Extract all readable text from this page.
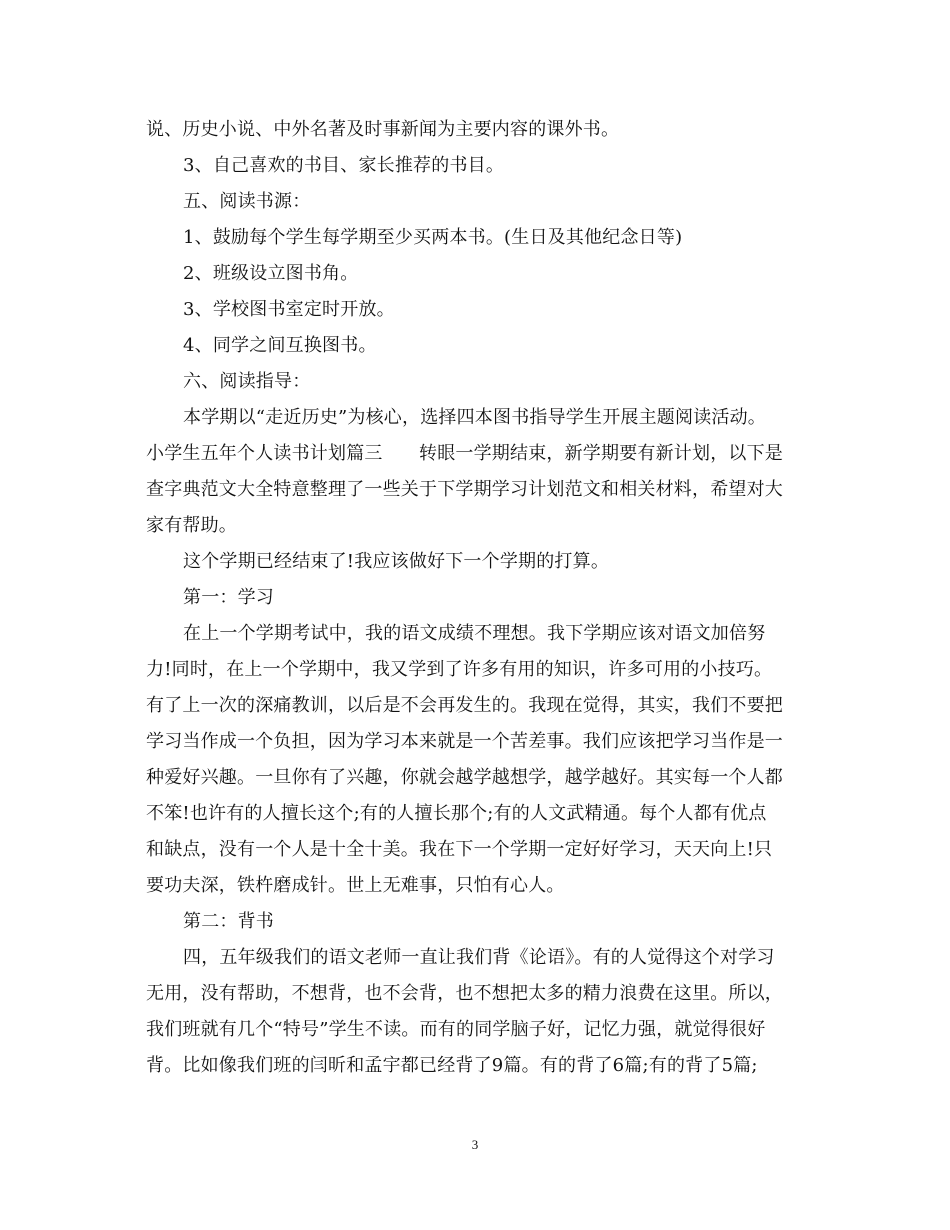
说、历史小说、中外名著及时事新闻为主要内容的课外书。

3、自己喜欢的书目、家长推荐的书目。

五、阅读书源：

1、鼓励每个学生每学期至少买两本书。(生日及其他纪念日等)

2、班级设立图书角。

3、学校图书室定时开放。

4、同学之间互换图书。

六、阅读指导：

本学期以“走近历史”为核心，选择四本图书指导学生开展主题阅读活动。

小学生五年个人读书计划篇三　　转眼一学期结束，新学期要有新计划，以下是

查字典范文大全特意整理了一些关于下学期学习计划范文和相关材料，希望对大

家有帮助。

这个学期已经结束了!我应该做好下一个学期的打算。

第一：学习

在上一个学期考试中，我的语文成绩不理想。我下学期应该对语文加倍努

力!同时，在上一个学期中，我又学到了许多有用的知识，许多可用的小技巧。

有了上一次的深痛教训，以后是不会再发生的。我现在觉得，其实，我们不要把

学习当作成一个负担，因为学习本来就是一个苦差事。我们应该把学习当作是一

种爱好兴趣。一旦你有了兴趣，你就会越学越想学，越学越好。其实每一个人都

不笨!也许有的人擅长这个;有的人擅长那个;有的人文武精通。每个人都有优点

和缺点，没有一个人是十全十美。我在下一个学期一定好好学习，天天向上!只

要功夫深，铁杵磨成针。世上无难事，只怕有心人。

第二：背书

四，五年级我们的语文老师一直让我们背《论语》。有的人觉得这个对学习

无用，没有帮助，不想背，也不会背，也不想把太多的精力浪费在这里。所以，

我们班就有几个“特号”学生不读。而有的同学脑子好，记忆力强，就觉得很好

背。比如像我们班的闫昕和孟宇都已经背了9篇。有的背了6篇;有的背了5篇;

3
